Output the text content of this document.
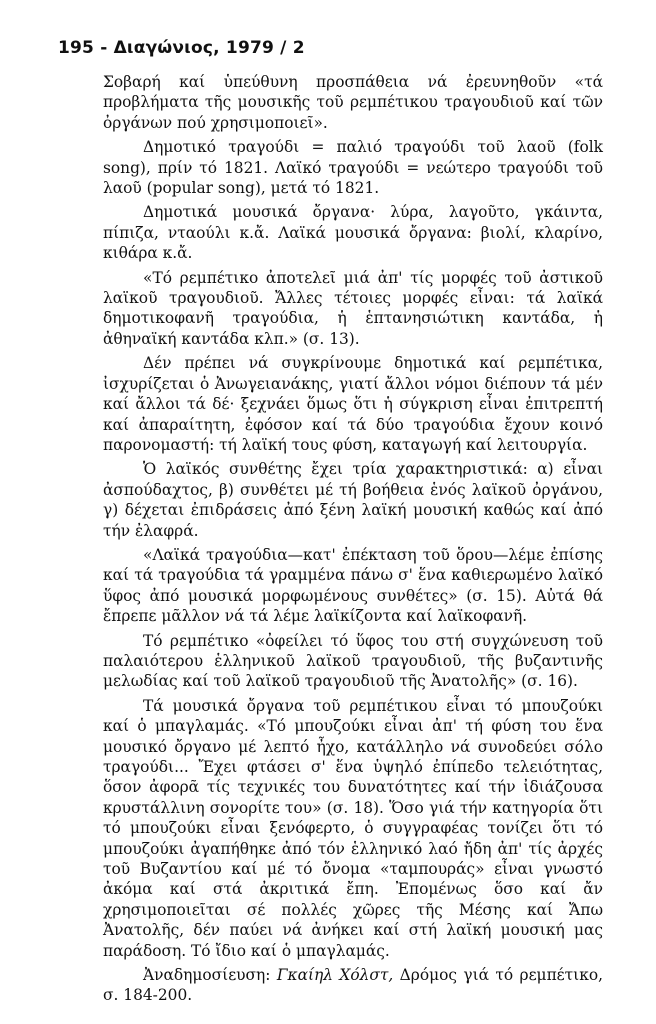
195 - Διαγώνιος, 1979 / 2

Σοβαρή καί ὑπεύθυνη προσπάθεια νά ἐρευνηθοῦν «τά προβλήματα τῆς μουσικῆς τοῦ ρεμπέτικου τραγουδιοῦ καί τῶν ὀργάνων πού χρησιμοποιεῖ».

Δημοτικό τραγούδι = παλιό τραγούδι τοῦ λαοῦ (folk song), πρίν τό 1821. Λαϊκό τραγούδι = νεώτερο τραγούδι τοῦ λαοῦ (popular song), μετά τό 1821.

Δημοτικά μουσικά ὄργανα· λύρα, λαγοῦτο, γκάιντα, πίπιζα, νταούλι κ.ἄ. Λαϊκά μουσικά ὄργανα: βιολί, κλαρίνο, κιθάρα κ.ἄ.

«Τό ρεμπέτικο ἀποτελεῖ μιά ἀπ' τίς μορφές τοῦ ἀστικοῦ λαϊκοῦ τραγουδιοῦ. Ἄλλες τέτοιες μορφές εἶναι: τά λαϊκά δημοτικοφανῆ τραγούδια, ἡ ἑπτανησιώτικη καντάδα, ἡ ἀθηναϊκή καντάδα κλπ.» (σ. 13).

Δέν πρέπει νά συγκρίνουμε δημοτικά καί ρεμπέτικα, ἰσχυρίζεται ὁ Ἀνωγειανάκης, γιατί ἄλλοι νόμοι διέπουν τά μέν καί ἄλλοι τά δέ· ξεχνάει ὅμως ὅτι ἡ σύγκριση εἶναι ἐπιτρεπτή καί ἀπαραίτητη, ἐφόσον καί τά δύο τραγούδια ἔχουν κοινό παρονομαστή: τή λαϊκή τους φύση, καταγωγή καί λειτουργία.

Ὁ λαϊκός συνθέτης ἔχει τρία χαρακτηριστικά: α) εἶναι ἀσπούδαχτος, β) συνθέτει μέ τή βοήθεια ἑνός λαϊκοῦ ὀργάνου, γ) δέχεται ἐπιδράσεις ἀπό ξένη λαϊκή μουσική καθώς καί ἀπό τήν ἐλαφρά.

«Λαϊκά τραγούδια—κατ' ἐπέκταση τοῦ ὅρου—λέμε ἐπίσης καί τά τραγούδια τά γραμμένα πάνω σ' ἕνα καθιερωμένο λαϊκό ὕφος ἀπό μουσικά μορφωμένους συνθέτες» (σ. 15). Αὐτά θά ἔπρεπε μᾶλλον νά τά λέμε λαϊκίζοντα καί λαϊκοφανῆ.

Τό ρεμπέτικο «ὀφείλει τό ὕφος του στή συγχώνευση τοῦ παλαιότερου ἑλληνικοῦ λαϊκοῦ τραγουδιοῦ, τῆς βυζαντινῆς μελωδίας καί τοῦ λαϊκοῦ τραγουδιοῦ τῆς Ἀνατολῆς» (σ. 16).

Τά μουσικά ὄργανα τοῦ ρεμπέτικου εἶναι τό μπουζούκι καί ὁ μπαγλαμάς. «Τό μπουζούκι εἶναι ἀπ' τή φύση του ἕνα μουσικό ὄργανο μέ λεπτό ἦχο, κατάλληλο νά συνοδεύει σόλο τραγούδι... Ἔχει φτάσει σ' ἕνα ὑψηλό ἐπίπεδο τελειότητας, ὅσον ἀφορᾶ τίς τεχνικές του δυνατότητες καί τήν ἰδιάζουσα κρυστάλλινη σονορίτε του» (σ. 18). Ὅσο γιά τήν κατηγορία ὅτι τό μπουζούκι εἶναι ξενόφερτο, ὁ συγγραφέας τονίζει ὅτι τό μπουζούκι ἀγαπήθηκε ἀπό τόν ἑλληνικό λαό ἤδη ἀπ' τίς ἀρχές τοῦ Βυζαντίου καί μέ τό ὄνομα «ταμπουράς» εἶναι γνωστό ἀκόμα καί στά ἀκριτικά ἔπη. Ἐπομένως ὅσο καί ἄν χρησιμοποιεῖται σέ πολλές χῶρες τῆς Μέσης καί Ἄπω Ἀνατολῆς, δέν παύει νά ἀνήκει καί στή λαϊκή μουσική μας παράδοση. Τό ἴδιο καί ὁ μπαγλαμάς.

Ἀναδημοσίευση: Γκαίηλ Χόλστ, Δρόμος γιά τό ρεμπέτικο, σ. 184-200.
